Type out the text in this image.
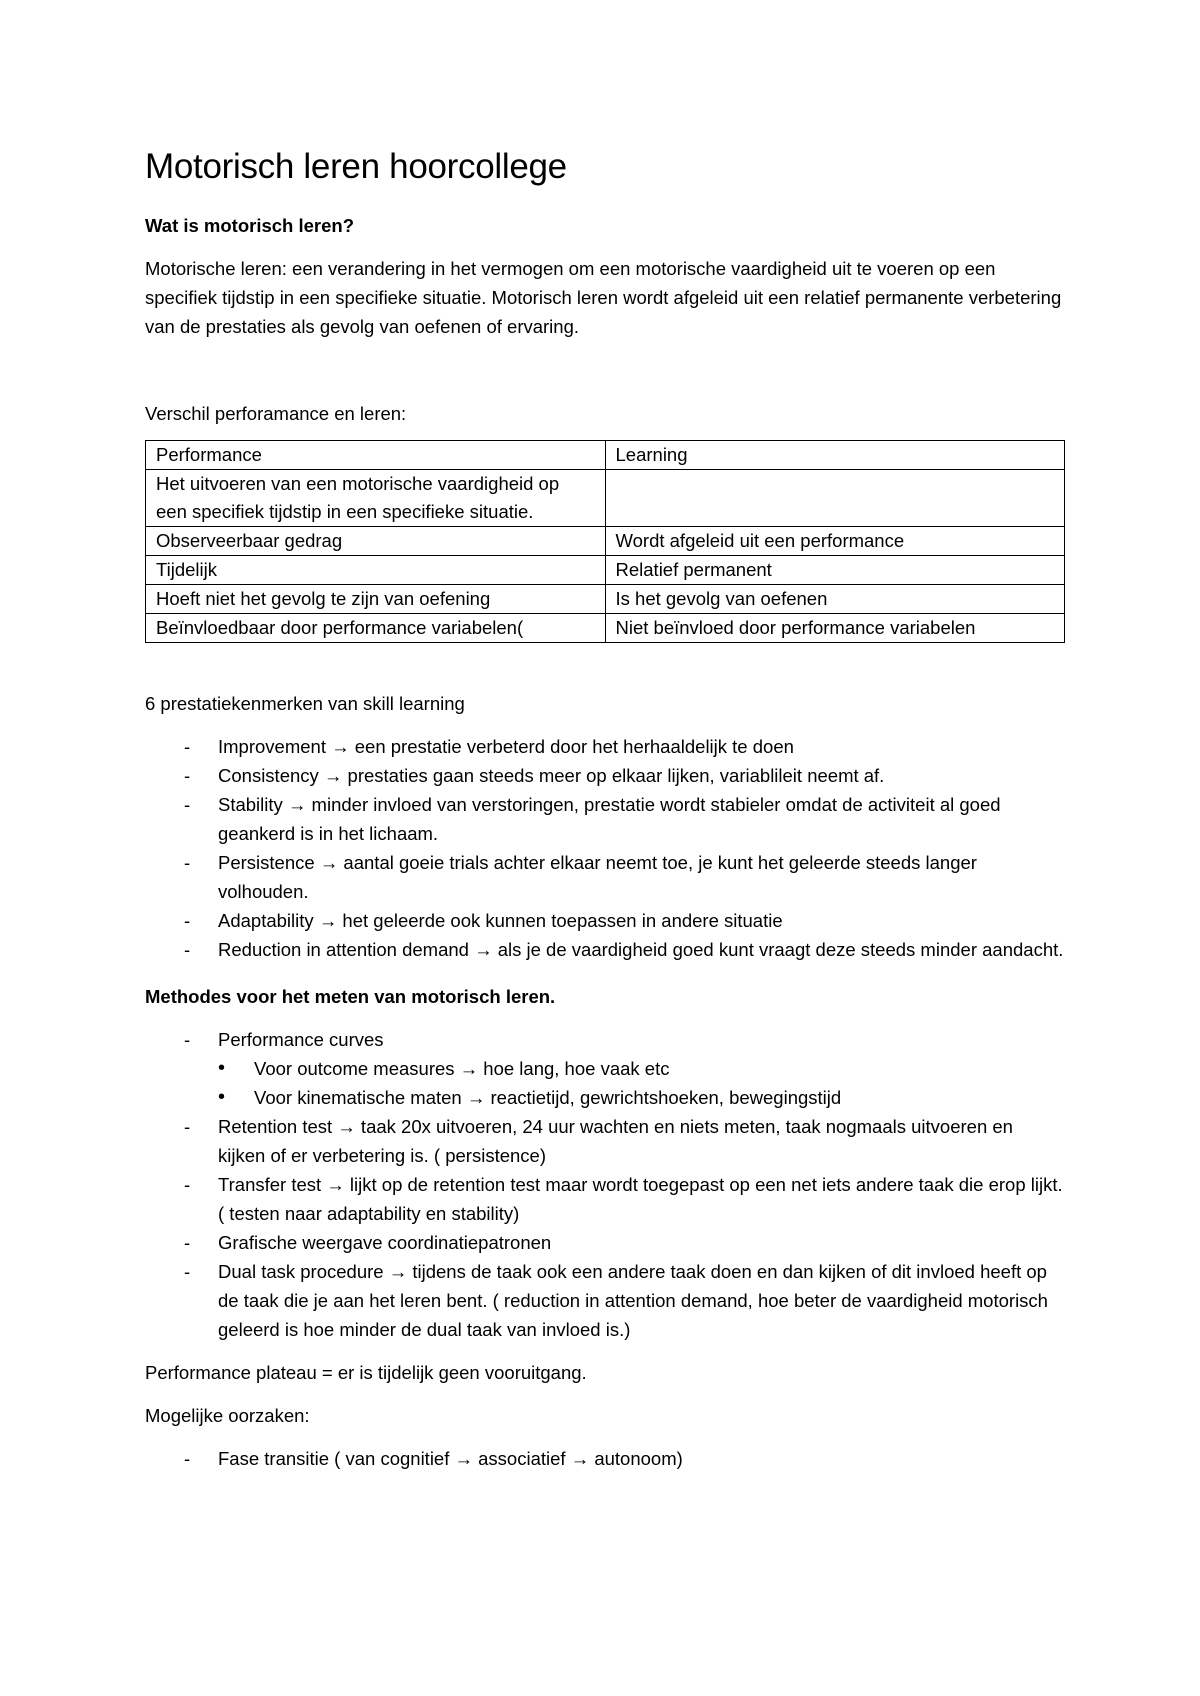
Motorisch leren hoorcollege
Wat is motorisch leren?

Motorische leren: een verandering in het vermogen om een motorische vaardigheid uit te voeren op een specifiek tijdstip in een specifieke situatie. Motorisch leren wordt afgeleid uit een relatief permanente verbetering van de prestaties als gevolg van oefenen of ervaring.

Verschil perforamance en leren:

Performance	Learning
Het uitvoeren van een motorische vaardigheid op een specifiek tijdstip in een specifieke situatie.	
Observeerbaar gedrag	Wordt afgeleid uit een performance
Tijdelijk	Relatief permanent
Hoeft niet het gevolg te zijn van oefening	Is het gevolg van oefenen
Beïnvloedbaar door performance variabelen(	Niet beïnvloed door performance variabelen

6 prestatiekenmerken van skill learning

- Improvement → een prestatie verbeterd door het herhaaldelijk te doen
- Consistency → prestaties gaan steeds meer op elkaar lijken, variablileit neemt af.
- Stability → minder invloed van verstoringen, prestatie wordt stabieler omdat de activiteit al goed geankerd is in het lichaam.
- Persistence → aantal goeie trials achter elkaar neemt toe, je kunt het geleerde steeds langer volhouden.
- Adaptability → het geleerde ook kunnen toepassen in andere situatie
- Reduction in attention demand → als je de vaardigheid goed kunt vraagt deze steeds minder aandacht.
Methodes voor het meten van motorisch leren.
- Performance curves
• Voor outcome measures → hoe lang, hoe vaak etc
• Voor kinematische maten → reactietijd, gewrichtshoeken, bewegingstijd
- Retention test → taak 20x uitvoeren, 24 uur wachten en niets meten, taak nogmaals uitvoeren en kijken of er verbetering is. ( persistence)
- Transfer test → lijkt op de retention test maar wordt toegepast op een net iets andere taak die erop lijkt. ( testen naar adaptability en stability)
- Grafische weergave coordinatiepatronen
- Dual task procedure → tijdens de taak ook een andere taak doen en dan kijken of dit invloed heeft op de taak die je aan het leren bent. ( reduction in attention demand, hoe beter de vaardigheid motorisch geleerd is hoe minder de dual taak van invloed is.)

Performance plateau = er is tijdelijk geen vooruitgang.

Mogelijke oorzaken:

- Fase transitie ( van cognitief → associatief → autonoom)
